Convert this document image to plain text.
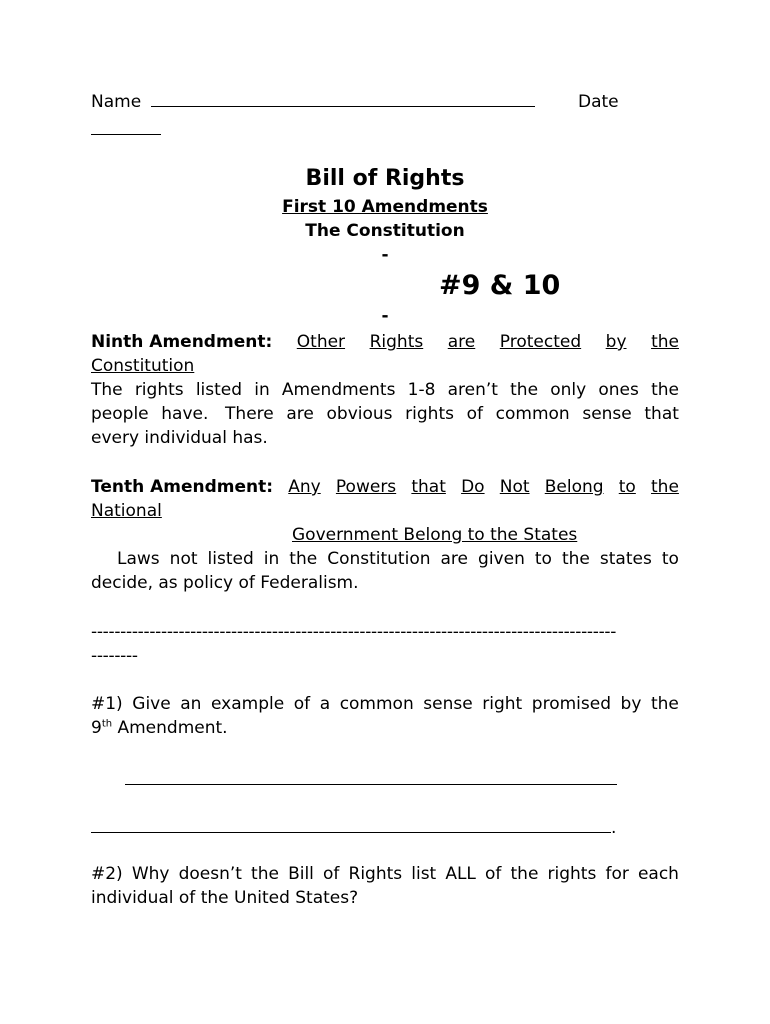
Name	Date
Bill of Rights
First 10 Amendments
The Constitution
-
#9 & 10
-
Ninth Amendment: Other Rights are Protected by the
Constitution
The rights listed in Amendments 1-8 aren’t the only ones the
people have. There are obvious rights of common sense that
every individual has.
Tenth Amendment: Any Powers that Do Not Belong to the
National
Government Belong to the States
Laws not listed in the Constitution are given to the states to
decide, as policy of Federalism.
------------------------------------------------------------------------------------------
--------
#1) Give an example of a common sense right promised by the
9th Amendment.
.
#2) Why doesn’t the Bill of Rights list ALL of the rights for each
individual of the United States?
